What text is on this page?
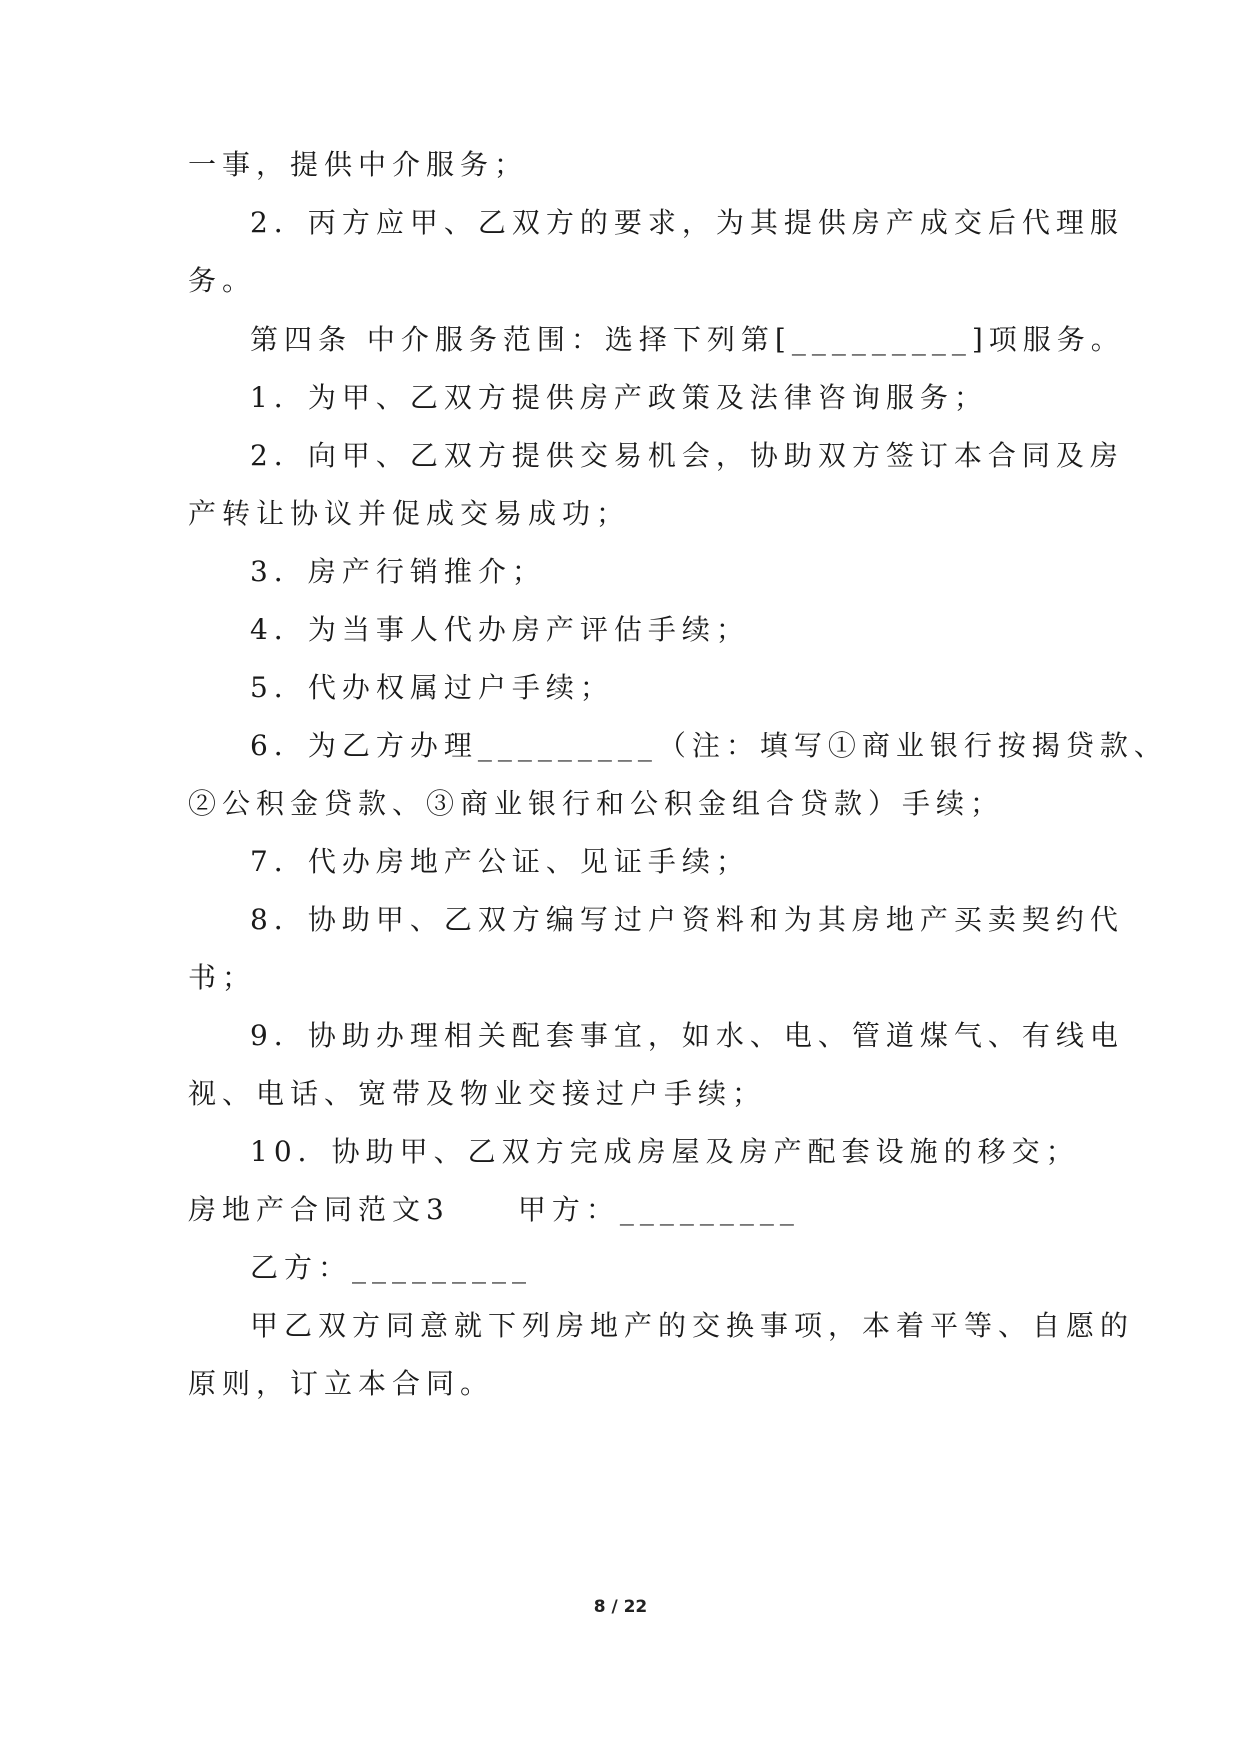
一事，提供中介服务；
2．丙方应甲、乙双方的要求，为其提供房产成交后代理服
务。
第四条 中介服务范围：选择下列第[_________]项服务。
1．为甲、乙双方提供房产政策及法律咨询服务；
2．向甲、乙双方提供交易机会，协助双方签订本合同及房
产转让协议并促成交易成功；
3．房产行销推介；
4．为当事人代办房产评估手续；
5．代办权属过户手续；
6．为乙方办理_________（注：填写①商业银行按揭贷款、
②公积金贷款、③商业银行和公积金组合贷款）手续；
7．代办房地产公证、见证手续；
8．协助甲、乙双方编写过户资料和为其房地产买卖契约代
书；
9．协助办理相关配套事宜，如水、电、管道煤气、有线电
视、电话、宽带及物业交接过户手续；
10．协助甲、乙双方完成房屋及房产配套设施的移交；
房地产合同范文3　　甲方：_________
乙方：_________
甲乙双方同意就下列房地产的交换事项，本着平等、自愿的
原则，订立本合同。
8 / 22
